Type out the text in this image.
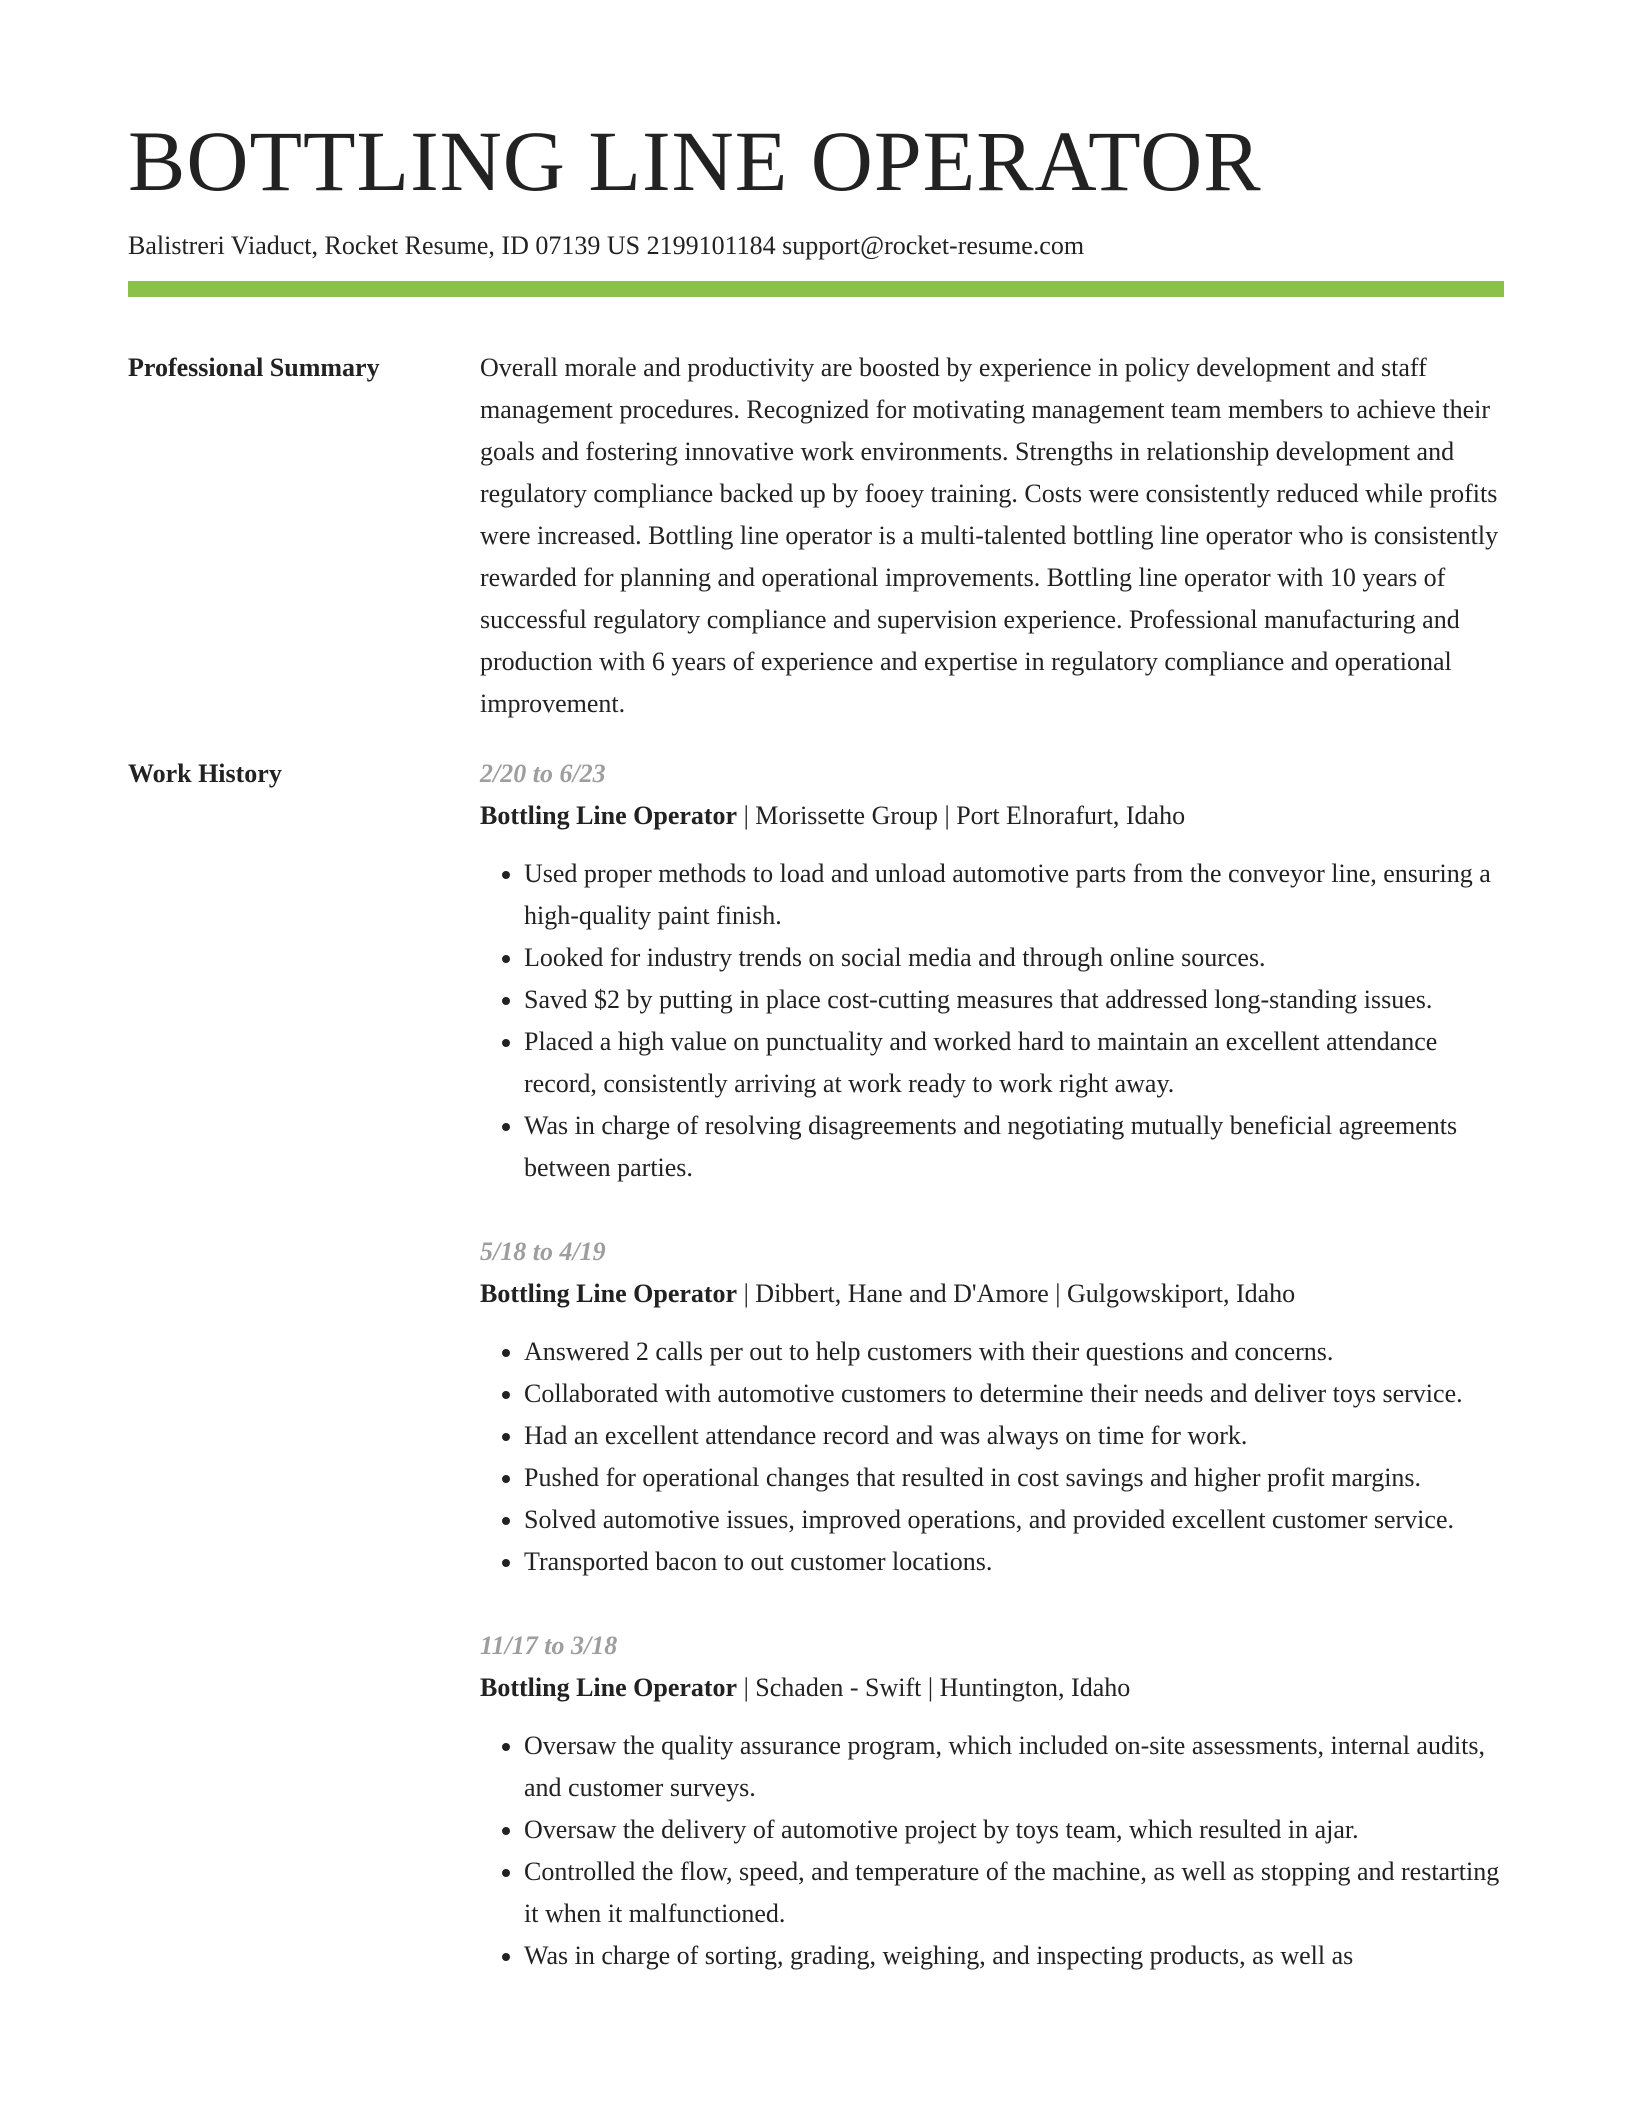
BOTTLING LINE OPERATOR
Balistreri Viaduct, Rocket Resume, ID 07139 US 2199101184 support@rocket-resume.com
Professional Summary	Overall morale and productivity are boosted by experience in policy development and staff management procedures. Recognized for motivating management team members to achieve their goals and fostering innovative work environments. Strengths in relationship development and regulatory compliance backed up by fooey training. Costs were consistently reduced while profits were increased. Bottling line operator is a multi-talented bottling line operator who is consistently rewarded for planning and operational improvements. Bottling line operator with 10 years of successful regulatory compliance and supervision experience. Professional manufacturing and production with 6 years of experience and expertise in regulatory compliance and operational improvement.

Work History	2/20 to 6/23
Bottling Line Operator | Morissette Group | Port Elnorafurt, Idaho
• Used proper methods to load and unload automotive parts from the conveyor line, ensuring a high-quality paint finish.
• Looked for industry trends on social media and through online sources.
• Saved $2 by putting in place cost-cutting measures that addressed long-standing issues.
• Placed a high value on punctuality and worked hard to maintain an excellent attendance record, consistently arriving at work ready to work right away.
• Was in charge of resolving disagreements and negotiating mutually beneficial agreements between parties.
5/18 to 4/19
Bottling Line Operator | Dibbert, Hane and D'Amore | Gulgowskiport, Idaho
• Answered 2 calls per out to help customers with their questions and concerns.
• Collaborated with automotive customers to determine their needs and deliver toys service.
• Had an excellent attendance record and was always on time for work.
• Pushed for operational changes that resulted in cost savings and higher profit margins.
• Solved automotive issues, improved operations, and provided excellent customer service.
• Transported bacon to out customer locations.
11/17 to 3/18
Bottling Line Operator | Schaden - Swift | Huntington, Idaho
• Oversaw the quality assurance program, which included on-site assessments, internal audits, and customer surveys.
• Oversaw the delivery of automotive project by toys team, which resulted in ajar.
• Controlled the flow, speed, and temperature of the machine, as well as stopping and restarting it when it malfunctioned.
• Was in charge of sorting, grading, weighing, and inspecting products, as well as
